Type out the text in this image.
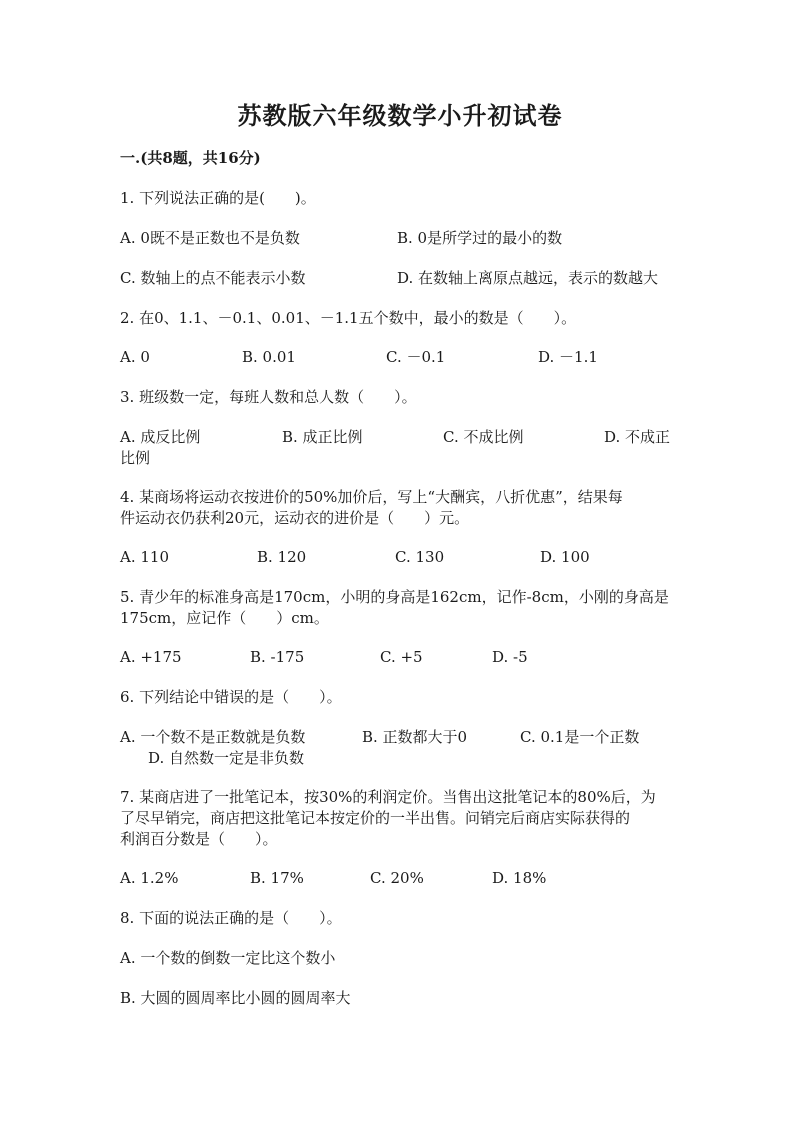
苏教版六年级数学小升初试卷
一.(共8题，共16分)
1. 下列说法正确的是(　　)。
A. 0既不是正数也不是负数	B. 0是所学过的最小的数
C. 数轴上的点不能表示小数	D. 在数轴上离原点越远，表示的数越大
2. 在0、1.1、－0.1、0.01、－1.1五个数中，最小的数是（　　）。
A. 0	B. 0.01	C. －0.1	D. －1.1
3. 班级数一定，每班人数和总人数（　　）。
A. 成反比例	B. 成正比例	C. 不成比例	D. 不成正
比例
4. 某商场将运动衣按进价的50%加价后，写上“大酬宾，八折优惠”，结果每
件运动衣仍获利20元，运动衣的进价是（　　）元。
A. 110	B. 120	C. 130	D. 100
5. 青少年的标准身高是170cm，小明的身高是162cm，记作-8cm，小刚的身高是
175cm，应记作（　　）cm。
A. +175	B. -175	C. +5	D. -5
6. 下列结论中错误的是（　　）。
A. 一个数不是正数就是负数	B. 正数都大于0	C. 0.1是一个正数
D. 自然数一定是非负数
7. 某商店进了一批笔记本，按30%的利润定价。当售出这批笔记本的80%后，为
了尽早销完，商店把这批笔记本按定价的一半出售。问销完后商店实际获得的
利润百分数是（　　）。
A. 1.2%	B. 17%	C. 20%	D. 18%
8. 下面的说法正确的是（　　）。
A. 一个数的倒数一定比这个数小
B. 大圆的圆周率比小圆的圆周率大
